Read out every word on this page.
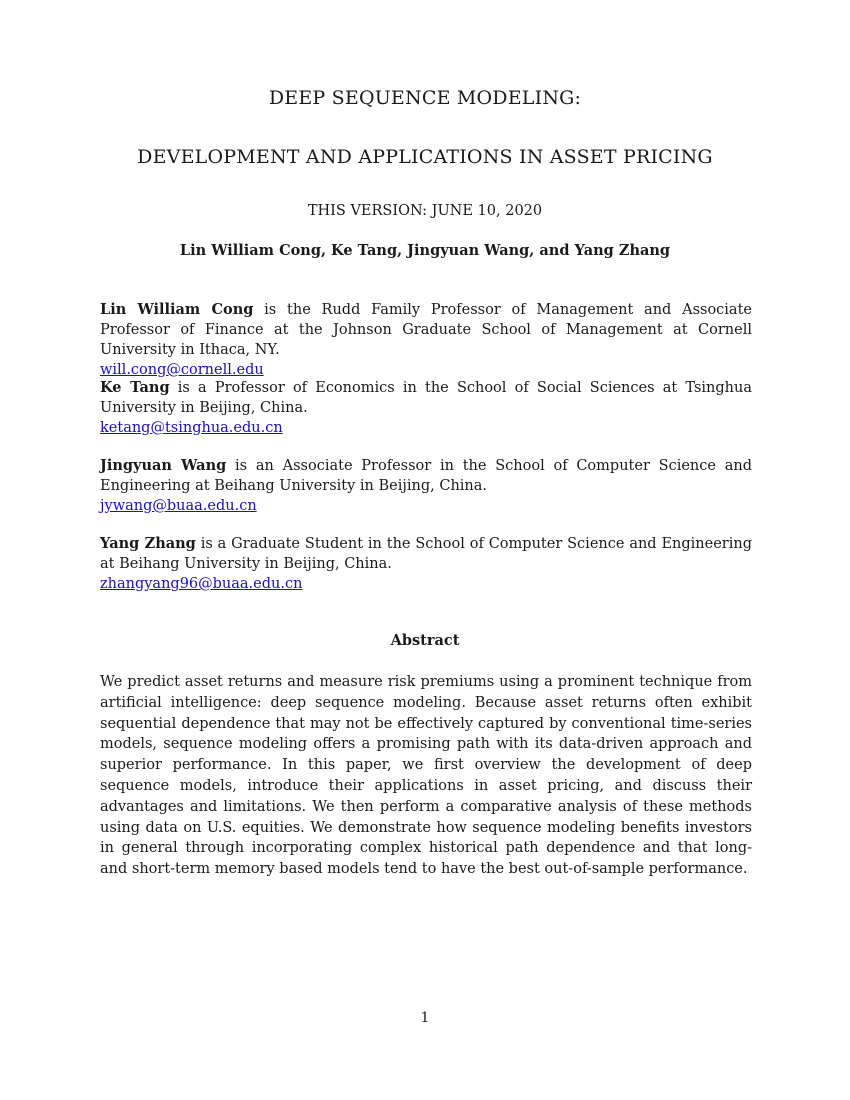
DEEP SEQUENCE MODELING:
DEVELOPMENT AND APPLICATIONS IN ASSET PRICING
THIS VERSION: JUNE 10, 2020
Lin William Cong, Ke Tang, Jingyuan Wang, and Yang Zhang
Lin William Cong is the Rudd Family Professor of Management and Associate Professor of Finance at the Johnson Graduate School of Management at Cornell University in Ithaca, NY.
will.cong@cornell.edu
Ke Tang is a Professor of Economics in the School of Social Sciences at Tsinghua University in Beijing, China.
ketang@tsinghua.edu.cn
Jingyuan Wang is an Associate Professor in the School of Computer Science and Engineering at Beihang University in Beijing, China.
jywang@buaa.edu.cn
Yang Zhang is a Graduate Student in the School of Computer Science and Engineering at Beihang University in Beijing, China.
zhangyang96@buaa.edu.cn
Abstract
We predict asset returns and measure risk premiums using a prominent technique from artificial intelligence: deep sequence modeling. Because asset returns often exhibit sequential dependence that may not be effectively captured by conventional time-series models, sequence modeling offers a promising path with its data-driven approach and superior performance. In this paper, we first overview the development of deep sequence models, introduce their applications in asset pricing, and discuss their advantages and limitations. We then perform a comparative analysis of these methods using data on U.S. equities. We demonstrate how sequence modeling benefits investors in general through incorporating complex historical path dependence and that long- and short-term memory based models tend to have the best out-of-sample performance.
1
